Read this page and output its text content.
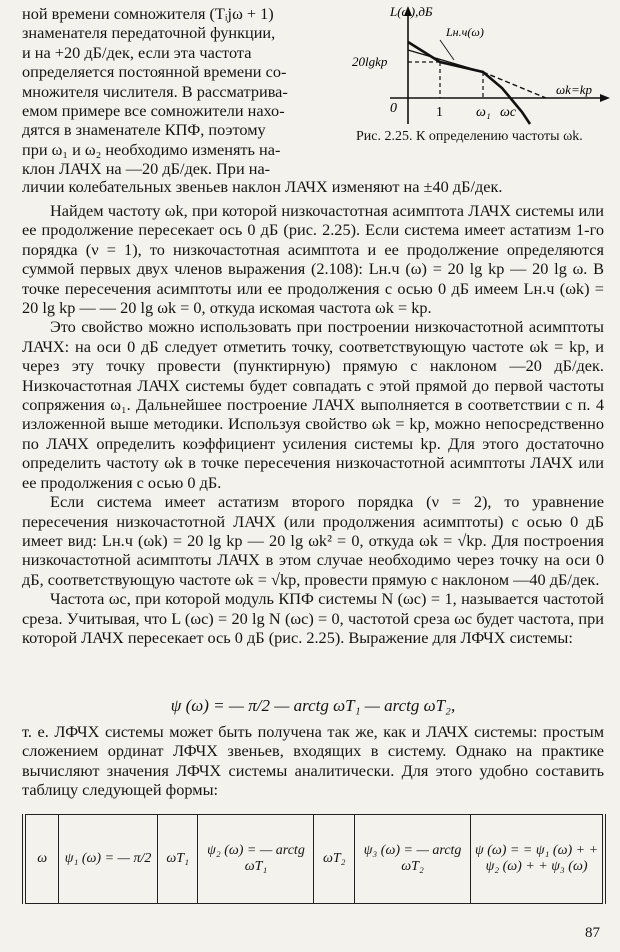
ной времени сомножителя (Tᵢjω + 1)

знаменателя передаточной функции,

и на +20 дБ/дек, если эта частота

определяется постоянной времени со-

множителя числителя. В рассматрива-

емом примере все сомножители нахо-

дятся в знаменателе КПФ, поэтому

при ω₁ и ω₂ необходимо изменять на-

клон ЛАЧХ на —20 дБ/дек. При на-

L(ω),дБ
20lgkр
0
Lн.ч(ω)
1 ω₁ ωc
ωk=kр
Рис. 2.25. К определению частоты ωk.

личии колебательных звеньев наклон ЛАЧХ изменяют на ±40 дБ/дек.

Найдем частоту ωk, при которой низкочастотная асимптота ЛАЧХ системы или ее продолжение пересекает ось 0 дБ (рис. 2.25). Если система имеет астатизм 1-го порядка (ν = 1), то низкочастотная асимптота и ее продолжение определяются суммой первых двух членов выражения (2.108): Lн.ч (ω) = 20 lg kр — 20 lg ω. В точке пересечения асимптоты или ее продолжения с осью 0 дБ имеем Lн.ч (ωk) = 20 lg kр — — 20 lg ωk = 0, откуда искомая частота ωk = kр.

Это свойство можно использовать при построении низкочастотной асимптоты ЛАЧХ: на оси 0 дБ следует отметить точку, соответствующую частоте ωk = kр, и через эту точку провести (пунктирную) прямую с наклоном —20 дБ/дек. Низкочастотная ЛАЧХ системы будет совпадать с этой прямой до первой частоты сопряжения ω₁. Дальнейшее построение ЛАЧХ выполняется в соответствии с п. 4 изложенной выше методики. Используя свойство ωk = kр, можно непосредственно по ЛАЧХ определить коэффициент усиления системы kр. Для этого достаточно определить частоту ωk в точке пересечения низкочастотной асимптоты ЛАЧХ или ее продолжения с осью 0 дБ.

Если система имеет астатизм второго порядка (ν = 2), то уравнение пересечения низкочастотной ЛАЧХ (или продолжения асимптоты) с осью 0 дБ имеет вид: Lн.ч (ωk) = 20 lg kр — 20 lg ωk² = 0, откуда ωk = √kр. Для построения низкочастотной асимптоты ЛАЧХ в этом случае необходимо через точку на оси 0 дБ, соответствующую частоте ωk = √kр, провести прямую с наклоном —40 дБ/дек.

Частота ωc, при которой модуль КПФ системы N (ωc) = 1, называется частотой среза. Учитывая, что L (ωc) = 20 lg N (ωc) = 0, частотой среза ωc будет частота, при которой ЛАЧХ пересекает ось 0 дБ (рис. 2.25). Выражение для ЛФЧХ системы:

ψ (ω) = — π/2 — arctg ωT₁ — arctg ωT₂,

т. е. ЛФЧХ системы может быть получена так же, как и ЛАЧХ системы: простым сложением ординат ЛФЧХ звеньев, входящих в систему. Однако на практике вычисляют значения ЛФЧХ системы аналитически. Для этого удобно составить таблицу следующей формы:

ω	ψ₁ (ω) = — π/2	ωT₁	ψ₂ (ω) = — arctg ωT₁	ωT₂	ψ₃ (ω) = — arctg ωT₂	ψ (ω) = = ψ₁ (ω) + + ψ₂ (ω) + + ψ₃ (ω)
87
